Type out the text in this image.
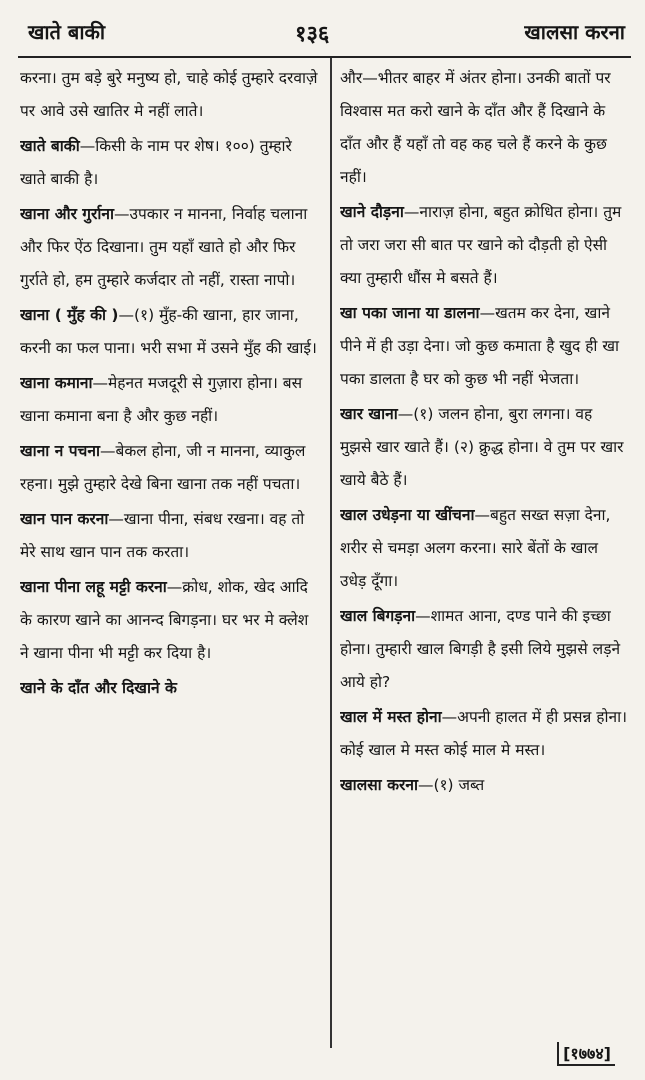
खाते बाकी	१३६	खालसा करना
करना। तुम बड़े बुरे मनुष्य हो, चाहे कोई तुम्हारे दरवाज़े पर आवे उसे खातिर मे नहीं लाते।
खाते बाकी—किसी के नाम पर शेष। १००) तुम्हारे खाते बाकी है।
खाना और गुर्राना—उपकार न मानना, निर्वाह चलाना और फिर ऐंठ दिखाना। तुम यहाँ खाते हो और फिर गुर्राते हो, हम तुम्हारे कर्जदार तो नहीं, रास्ता नापो।
खाना ( मुँह की )—(१) मुँह-की खाना, हार जाना, करनी का फल पाना। भरी सभा में उसने मुँह की खाई।
खाना कमाना—मेहनत मजदूरी से गुज़ारा होना। बस खाना कमाना बना है और कुछ नहीं।
खाना न पचना—बेकल होना, जी न मानना, व्याकुल रहना। मुझे तुम्हारे देखे बिना खाना तक नहीं पचता।
खान पान करना—खाना पीना, संबध रखना। वह तो मेरे साथ खान पान तक करता।
खाना पीना लहू मट्टी करना—क्रोध, शोक, खेद आदि के कारण खाने का आनन्द बिगड़ना। घर भर मे क्लेश ने खाना पीना भी मट्टी कर दिया है।
खाने के दाँत और दिखाने के
और—भीतर बाहर में अंतर होना। उनकी बातों पर विश्वास मत करो खाने के दाँत और हैं दिखाने के दाँत और हैं यहाँ तो वह कह चले हैं करने के कुछ नहीं।
खाने दौड़ना—नाराज़ होना, बहुत क्रोधित होना। तुम तो जरा जरा सी बात पर खाने को दौड़ती हो ऐसी क्या तुम्हारी धौंस मे बसते हैं।
खा पका जाना या डालना—खतम कर देना, खाने पीने में ही उड़ा देना। जो कुछ कमाता है खुद ही खा पका डालता है घर को कुछ भी नहीं भेजता।
खार खाना—(१) जलन होना, बुरा लगना। वह मुझसे खार खाते हैं। (२) क्रुद्ध होना। वे तुम पर खार खाये बैठे हैं।
खाल उधेड़ना या खींचना—बहुत सख्त सज़ा देना, शरीर से चमड़ा अलग करना। सारे बेंतों के खाल उधेड़ दूँगा।
खाल बिगड़ना—शामत आना, दण्ड पाने की इच्छा होना। तुम्हारी खाल बिगड़ी है इसी लिये मुझसे लड़ने आये हो?
खाल में मस्त होना—अपनी हालत में ही प्रसन्न होना। कोई खाल मे मस्त कोई माल मे मस्त।
खालसा करना—(१) जब्त
[१७७४]
